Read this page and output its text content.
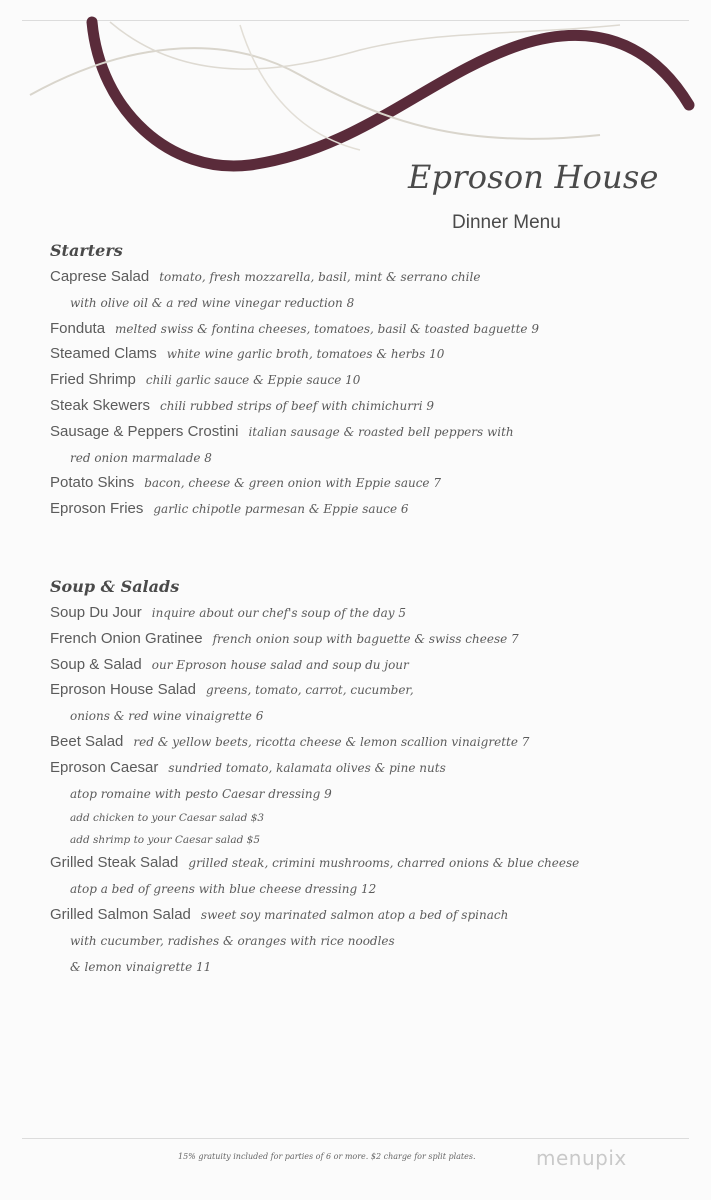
Eproson House
Dinner Menu
Starters
Caprese Salad tomato, fresh mozzarella, basil, mint & serrano chile
with olive oil & a red wine vinegar reduction 8
Fonduta melted swiss & fontina cheeses, tomatoes, basil & toasted baguette 9
Steamed Clams white wine garlic broth, tomatoes & herbs 10
Fried Shrimp chili garlic sauce & Eppie sauce 10
Steak Skewers chili rubbed strips of beef with chimichurri 9
Sausage & Peppers Crostini italian sausage & roasted bell peppers with
red onion marmalade 8
Potato Skins bacon, cheese & green onion with Eppie sauce 7
Eproson Fries garlic chipotle parmesan & Eppie sauce 6
Soup & Salads
Soup Du Jour inquire about our chef's soup of the day 5
French Onion Gratinee french onion soup with baguette & swiss cheese 7
Soup & Salad our Eproson house salad and soup du jour
Eproson House Salad greens, tomato, carrot, cucumber,
onions & red wine vinaigrette 6
Beet Salad red & yellow beets, ricotta cheese & lemon scallion vinaigrette 7
Eproson Caesar sundried tomato, kalamata olives & pine nuts
atop romaine with pesto Caesar dressing 9
add chicken to your Caesar salad $3
add shrimp to your Caesar salad $5
Grilled Steak Salad grilled steak, crimini mushrooms, charred onions & blue cheese
atop a bed of greens with blue cheese dressing 12
Grilled Salmon Salad sweet soy marinated salmon atop a bed of spinach
with cucumber, radishes & oranges with rice noodles
& lemon vinaigrette 11
15% gratuity included for parties of 6 or more. $2 charge for split plates.	menupix
